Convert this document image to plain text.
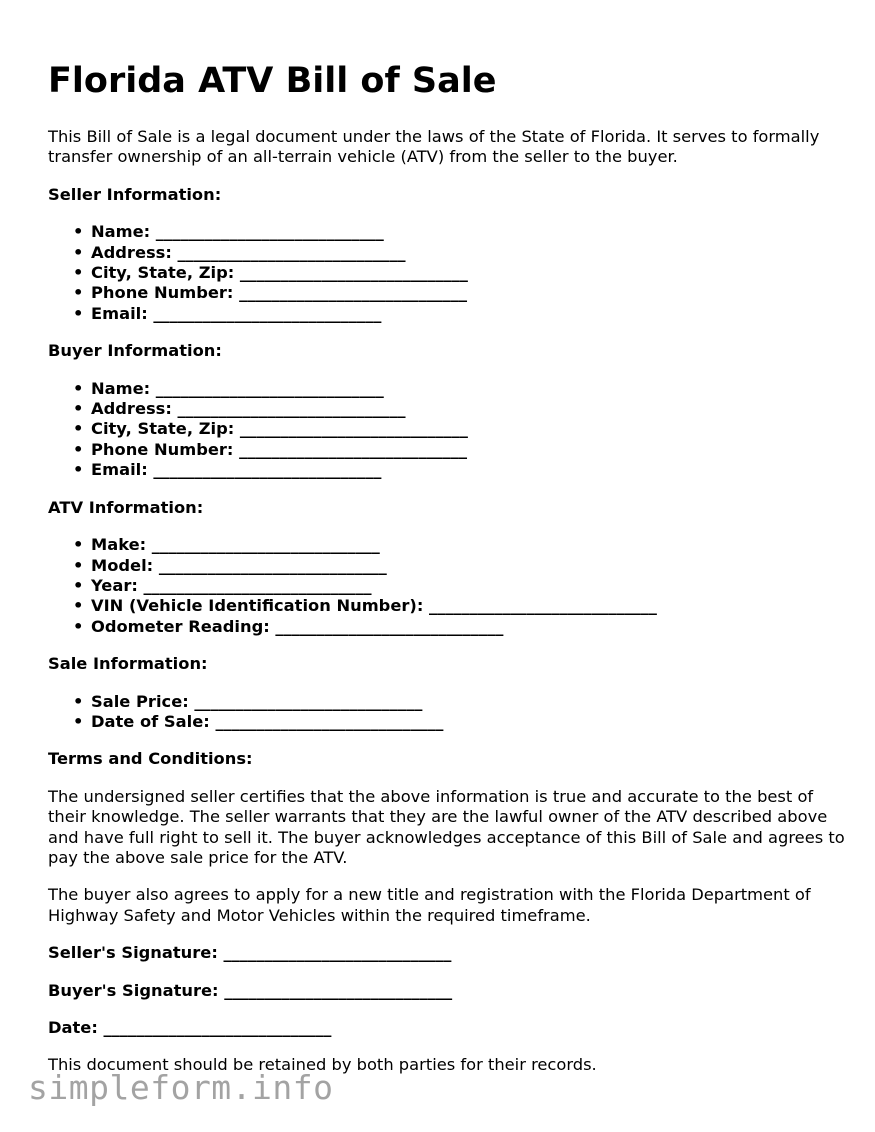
Florida ATV Bill of Sale

This Bill of Sale is a legal document under the laws of the State of Florida. It serves to formally transfer ownership of an all-terrain vehicle (ATV) from the seller to the buyer.

Seller Information:
• Name: ____________________________
• Address: ____________________________
• City, State, Zip: ____________________________
• Phone Number: ____________________________
• Email: ____________________________
Buyer Information:
• Name: ____________________________
• Address: ____________________________
• City, State, Zip: ____________________________
• Phone Number: ____________________________
• Email: ____________________________
ATV Information:
• Make: ____________________________
• Model: ____________________________
• Year: ____________________________
• VIN (Vehicle Identification Number): ____________________________
• Odometer Reading: ____________________________
Sale Information:
• Sale Price: ____________________________
• Date of Sale: ____________________________
Terms and Conditions:

The undersigned seller certifies that the above information is true and accurate to the best of their knowledge. The seller warrants that they are the lawful owner of the ATV described above and have full right to sell it. The buyer acknowledges acceptance of this Bill of Sale and agrees to pay the above sale price for the ATV.

The buyer also agrees to apply for a new title and registration with the Florida Department of Highway Safety and Motor Vehicles within the required timeframe.

Seller's Signature: ____________________________
Buyer's Signature: ____________________________
Date: ____________________________

This document should be retained by both parties for their records.

simpleform.info
